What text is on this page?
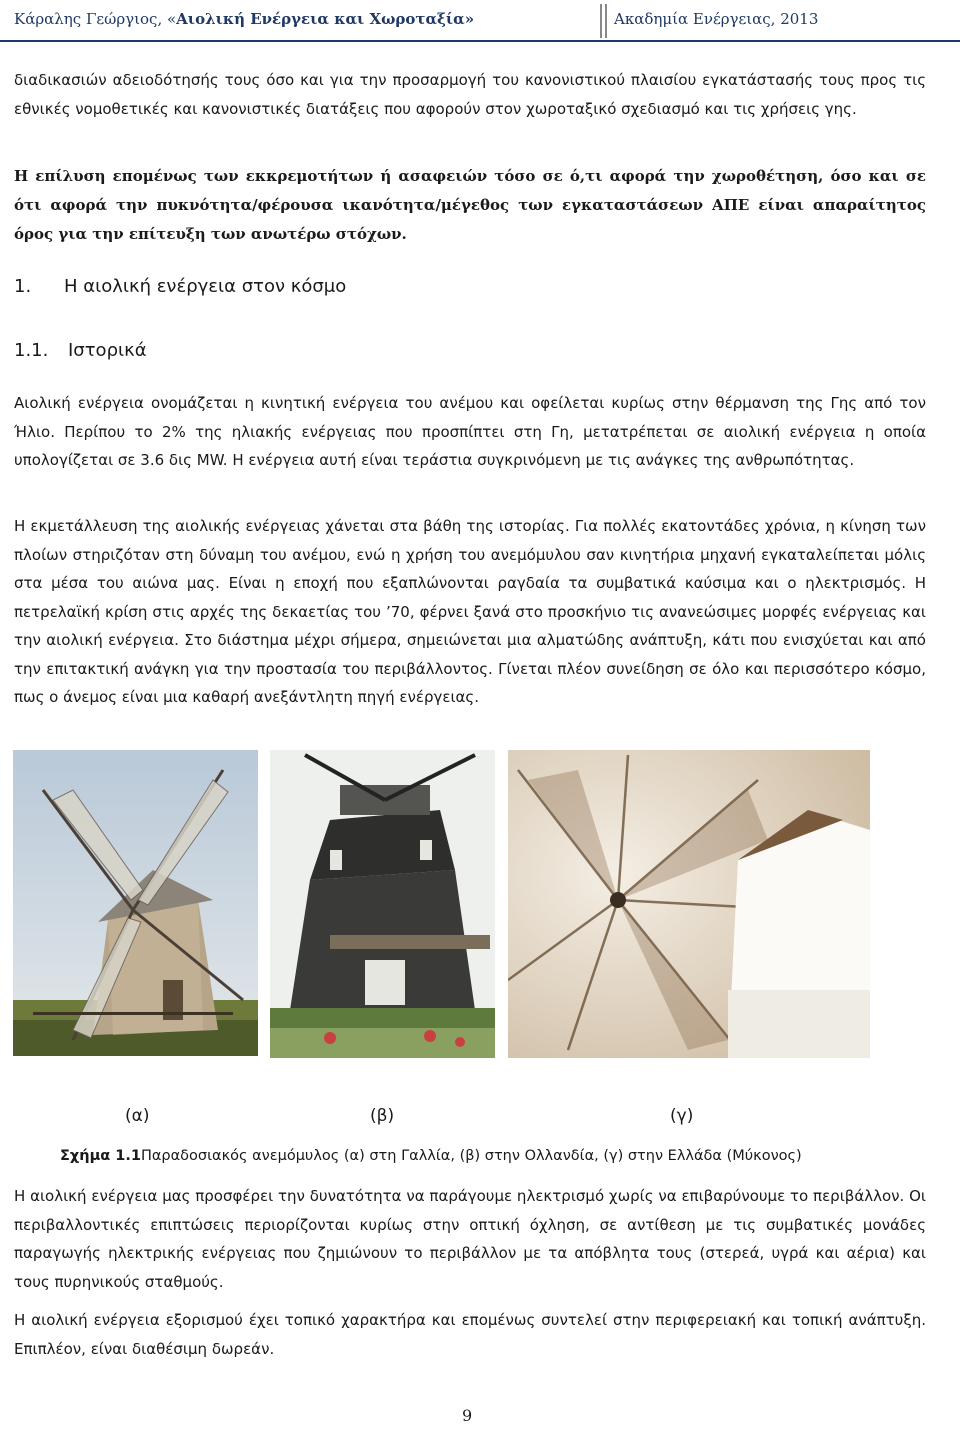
Κάραλης Γεώργιος, «Αιολική Ενέργεια και Χωροταξία»	Ακαδημία Ενέργειας, 2013

διαδικασιών αδειοδότησής τους όσο και για την προσαρμογή του κανονιστικού πλαισίου εγκατάστασής τους προς τις εθνικές νομοθετικές και κανονιστικές διατάξεις που αφορούν στον χωροταξικό σχεδιασμό και τις χρήσεις γης.

Η επίλυση επομένως των εκκρεμοτήτων ή ασαφειών τόσο σε ό,τι αφορά την χωροθέτηση, όσο και σε ότι αφορά την πυκνότητα/φέρουσα ικανότητα/μέγεθος των εγκαταστάσεων ΑΠΕ είναι απαραίτητος όρος για την επίτευξη των ανωτέρω στόχων.

1. Η αιολική ενέργεια στον κόσμο
1.1. Ιστορικά

Αιολική ενέργεια ονομάζεται η κινητική ενέργεια του ανέμου και οφείλεται κυρίως στην θέρμανση της Γης από τον Ήλιο. Περίπου το 2% της ηλιακής ενέργειας που προσπίπτει στη Γη, μετατρέπεται σε αιολική ενέργεια η οποία υπολογίζεται σε 3.6 δις MW. Η ενέργεια αυτή είναι τεράστια συγκρινόμενη με τις ανάγκες της ανθρωπότητας.

Η εκμετάλλευση της αιολικής ενέργειας χάνεται στα βάθη της ιστορίας. Για πολλές εκατοντάδες χρόνια, η κίνηση των πλοίων στηριζόταν στη δύναμη του ανέμου, ενώ η χρήση του ανεμόμυλου σαν κινητήρια μηχανή εγκαταλείπεται μόλις στα μέσα του αιώνα μας. Είναι η εποχή που εξαπλώνονται ραγδαία τα συμβατικά καύσιμα και ο ηλεκτρισμός. Η πετρελαϊκή κρίση στις αρχές της δεκαετίας του ’70, φέρνει ξανά στο προσκήνιο τις ανανεώσιμες μορφές ενέργειας και την αιολική ενέργεια. Στο διάστημα μέχρι σήμερα, σημειώνεται μια αλματώδης ανάπτυξη, κάτι που ενισχύεται και από την επιτακτική ανάγκη για την προστασία του περιβάλλοντος. Γίνεται πλέον συνείδηση σε όλο και περισσότερο κόσμο, πως ο άνεμος είναι μια καθαρή ανεξάντλητη πηγή ενέργειας.

(α)	(β)	(γ)
Σχήμα 1.1Παραδοσιακός ανεμόμυλος (α) στη Γαλλία, (β) στην Ολλανδία, (γ) στην Ελλάδα (Μύκονος)

Η αιολική ενέργεια μας προσφέρει την δυνατότητα να παράγουμε ηλεκτρισμό χωρίς να επιβαρύνουμε το περιβάλλον. Οι περιβαλλοντικές επιπτώσεις περιορίζονται κυρίως στην οπτική όχληση, σε αντίθεση με τις συμβατικές μονάδες παραγωγής ηλεκτρικής ενέργειας που ζημιώνουν το περιβάλλον με τα απόβλητα τους (στερεά, υγρά και αέρια) και τους πυρηνικούς σταθμούς.

Η αιολική ενέργεια εξορισμού έχει τοπικό χαρακτήρα και επομένως συντελεί στην περιφερειακή και τοπική ανάπτυξη. Επιπλέον, είναι διαθέσιμη δωρεάν.

9
